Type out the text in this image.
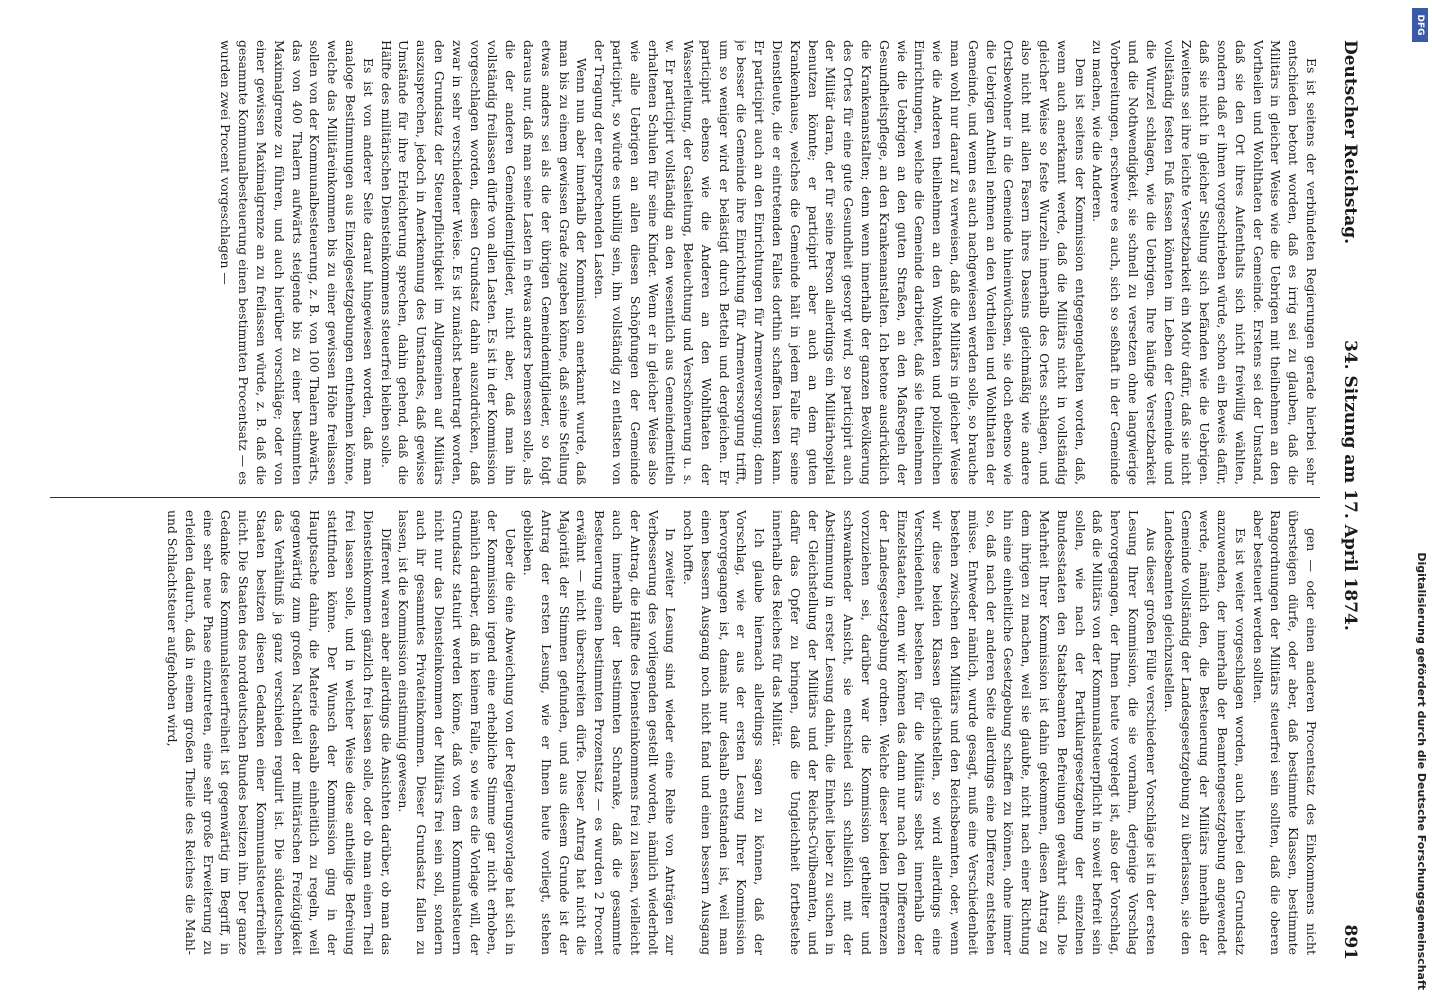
Deutscher Reichstag.
34. Sitzung am 17. April 1874.
891

Es ist seitens der verbündeten Regierungen gerade hierbei sehr entschieden betont worden, daß es irrig sei zu glauben, daß die Militärs in gleicher Weise wie die Uebrigen mit theilnehmen an den Vortheilen und Wohlthaten der Gemeinde. Erstens sei der Umstand, daß sie den Ort ihres Aufenthalts sich nicht freiwillig wählten, sondern daß er ihnen vorgeschrieben würde, schon ein Beweis dafür, daß sie nicht in gleicher Stellung sich befänden wie die Uebrigen. Zweitens sei ihre leichte Versetzbarkeit ein Motiv dafür, daß sie nicht vollständig festen Fuß fassen könnten im Leben der Gemeinde und die Wurzel schlagen, wie die Uebrigen. Ihre häufige Versetzbarkeit und die Nothwendigkeit, sie schnell zu versetzen ohne langwierige Vorbereitungen, erschwere es auch, sich so seßhaft in der Gemeinde zu machen, wie die Anderen.

Dem ist seitens der Kommission entgegengehalten worden, daß, wenn auch anerkannt werde, daß die Militärs nicht in vollständig gleicher Weise so feste Wurzeln innerhalb des Ortes schlagen, und also nicht mit allen Fasern ihres Daseins gleichmäßig wie andere Ortsbewohner in die Gemeinde hineinwüchsen, sie doch ebenso wie die Uebrigen Antheil nehmen an den Vortheilen und Wohlthaten der Gemeinde, und wenn es auch nachgewiesen werden solle, so brauche man wohl nur darauf zu verweisen, daß die Militärs in gleicher Weise wie die Anderen theilnehmen an den Wohlthaten und polizeilichen Einrichtungen, welche die Gemeinde darbietet, daß sie theilnehmen wie die Uebrigen an den guten Straßen, an den Maßregeln der Gesundheitspflege, an den Krankenanstalten. Ich betone ausdrücklich die Krankenanstalten; denn wenn innerhalb der ganzen Bevölkerung des Ortes für eine gute Gesundheit gesorgt wird, so participirt auch der Militär daran, der für seine Person allerdings ein Militärhospital benutzen könnte; er participirt aber auch an dem guten Krankenhause, welches die Gemeinde hält in jedem Falle für seine Dienstleute, die er eintretenden Falles dorthin schaffen lassen kann. Er participirt auch an den Einrichtungen für Armenversorgung; denn je besser die Gemeinde ihre Einrichtung für Armenversorgung trifft, um so weniger wird er belästigt durch Betteln und dergleichen. Er participirt ebenso wie die Anderen an den Wohlthaten der Wasserleitung, der Gasleitung, Beleuchtung und Verschönerung u. s. w. Er participirt vollständig an den wesentlich aus Gemeindemitteln erhaltenen Schulen für seine Kinder. Wenn er in gleicher Weise also wie alle Uebrigen an allen diesen Schöpfungen der Gemeinde participirt, so würde es unbillig sein, ihn vollständig zu entlasten von der Tragung der entsprechenden Lasten.

Wenn nun aber innerhalb der Kommission anerkannt wurde, daß man bis zu einem gewissen Grade zugeben könne, daß seine Stellung etwas anders sei als die der übrigen Gemeindemitglieder, so folgt daraus nur, daß man seine Lasten in etwas anders bemessen solle, als die der anderen Gemeindemitglieder, nicht aber, daß man ihn vollständig freilassen dürfe von allen Lasten. Es ist in der Kommission vorgeschlagen worden, diesen Grundsatz dahin auszudrücken, daß zwar in sehr verschiedener Weise. Es ist zunächst beantragt worden, den Grundsatz der Steuerpflichtigkeit im Allgemeinen auf Militärs auszusprechen, jedoch in Anerkennung des Umstandes, daß gewisse Umstände für ihre Erleichterung sprechen, dahin gehend, daß die Hälfte des militärischen Diensteinkommens steuerfrei bleiben solle.

Es ist von anderer Seite darauf hingewiesen worden, daß man analoge Bestimmungen aus Einzelgesetzgebungen entnehmen könne, welche das Militäreinkommen bis zu einer gewissen Höhe freilassen sollen von der Kommunalbesteuerung, z. B. von 100 Thalern abwärts, das von 400 Thalern aufwärts steigende bis zu einer bestimmten Maximalgrenze zu führen, und auch hierüber vorschläge; oder von einer gewissen Maximalgrenze an zu freilassen würde, z. B. daß die gesammte Kommunalbesteuerung einen bestimmten Procentsatz — es wurden zwei Procent vorgeschlagen —

gen — oder einen anderen Procentsatz des Einkommens nicht übersteigen dürfe, oder aber, daß bestimmte Klassen, bestimmte Rangordnungen der Militärs steuerfrei sein sollten, daß die oberen aber besteuert werden sollten.

Es ist weiter vorgeschlagen worden, auch hierbei den Grundsatz anzuwenden, der innerhalb der Beamtengesetzgebung angewendet werde, nämlich den, die Besteuerung der Militärs innerhalb der Gemeinde vollständig der Landesgesetzgebung zu überlassen, sie den Landesbeamten gleichzustellen.

Aus dieser großen Fülle verschiedener Vorschläge ist in der ersten Lesung Ihrer Kommission, die sie vornahm, derjenige Vorschlag hervorgegangen, der Ihnen heute vorgelegt ist, also der Vorschlag, daß die Militärs von der Kommunalsteuerpflicht in soweit befreit sein sollen, wie nach der Partikulargesetzgebung der einzelnen Bundesstaaten den Staatsbeamten Befreiungen gewährt sind. Die Mehrheit Ihrer Kommission ist dahin gekommen, diesen Antrag zu dem ihrigen zu machen, weil sie glaubte, nicht nach einer Richtung hin eine einheitliche Gesetzgebung schaffen zu können, ohne immer so, daß nach der anderen Seite allerdings eine Differenz entstehen müsse. Entweder nämlich, wurde gesagt, muß eine Verschiedenheit bestehen zwischen den Militärs und den Reichsbeamten, oder, wenn wir diese beiden Klassen gleichstellen, so wird allerdings eine Verschiedenheit bestehen für die Militärs selbst innerhalb der Einzelstaaten, denn wir können das dann nur nach den Differenzen der Landesgesetzgebung ordnen. Welche dieser beiden Differenzen vorzuziehen sei, darüber war die Kommission getheilter und schwankender Ansicht, sie entschied sich schließlich mit der Abstimmung in erster Lesung dahin, die Einheit lieber zu suchen in der Gleichstellung der Militärs und der Reichs-Civilbeamten, und dafür das Opfer zu bringen, daß die Ungleichheit fortbestehe innerhalb des Reiches für das Militär.

Ich glaube hiernach allerdings sagen zu können, daß der Vorschlag, wie er aus der ersten Lesung Ihrer Kommission hervorgegangen ist, damals nur deshalb entstanden ist, weil man einen bessern Ausgang noch nicht fand und einen bessern Ausgang noch hoffte.

In zweiter Lesung sind wieder eine Reihe von Anträgen zur Verbesserung des vorliegenden gestellt worden, nämlich wiederholt der Antrag, die Hälfte des Diensteinkommens frei zu lassen, vielleicht auch innerhalb der bestimmten Schranke, daß die gesammte Besteuerung einen bestimmten Prozentsatz — es wurden 2 Procent erwähnt — nicht überschreiten dürfe. Dieser Antrag hat nicht die Majorität der Stimmen gefunden, und aus diesem Grunde ist der Antrag der ersten Lesung, wie er Ihnen heute vorliegt, stehen geblieben.

Ueber die eine Abweichung von der Regierungsvorlage hat sich in der Kommission irgend eine erhebliche Stimme gar nicht erhoben, nämlich darüber, daß in keinem Falle, so wie es die Vorlage will, der Grundsatz statuirt werden könne, daß von dem Kommunalsteuern nicht nur das Diensteinkommen der Militärs frei sein soll, sondern auch ihr gesammtes Privateinkommen. Dieser Grundsatz fallen zu lassen, ist die Kommission einstimmig gewesen.

Different waren aber allerdings die Ansichten darüber, ob man das Diensteinkommen gänzlich frei lassen solle, oder ob man einen Theil frei lassen solle, und in welcher Weise diese antheilige Befreiung stattfinden könne. Der Wunsch der Kommission ging in der Hauptsache dahin, die Materie deshalb einheitlich zu regeln, weil gegenwärtig zum großen Nachtheil der militärischen Freizügigkeit das Verhältniß ja ganz verschieden regulirt ist. Die süddeutschen Staaten besitzen diesen Gedanken einer Kommunalsteuerfreiheit nicht. Die Staaten des norddeutschen Bundes besitzen ihn. Der ganze Gedanke des Kommunalsteuerfreiheit ist gegenwärtig im Begriff, in eine sehr neue Phase einzutreten, eine sehr große Erweiterung zu erleiden dadurch, daß in einem großen Theile des Reiches die Mahl- und Schlachtsteuer aufgehoben wird,	Digitalisierung gefördert durch die Deutsche Forschungsgemeinschaft
DFG
